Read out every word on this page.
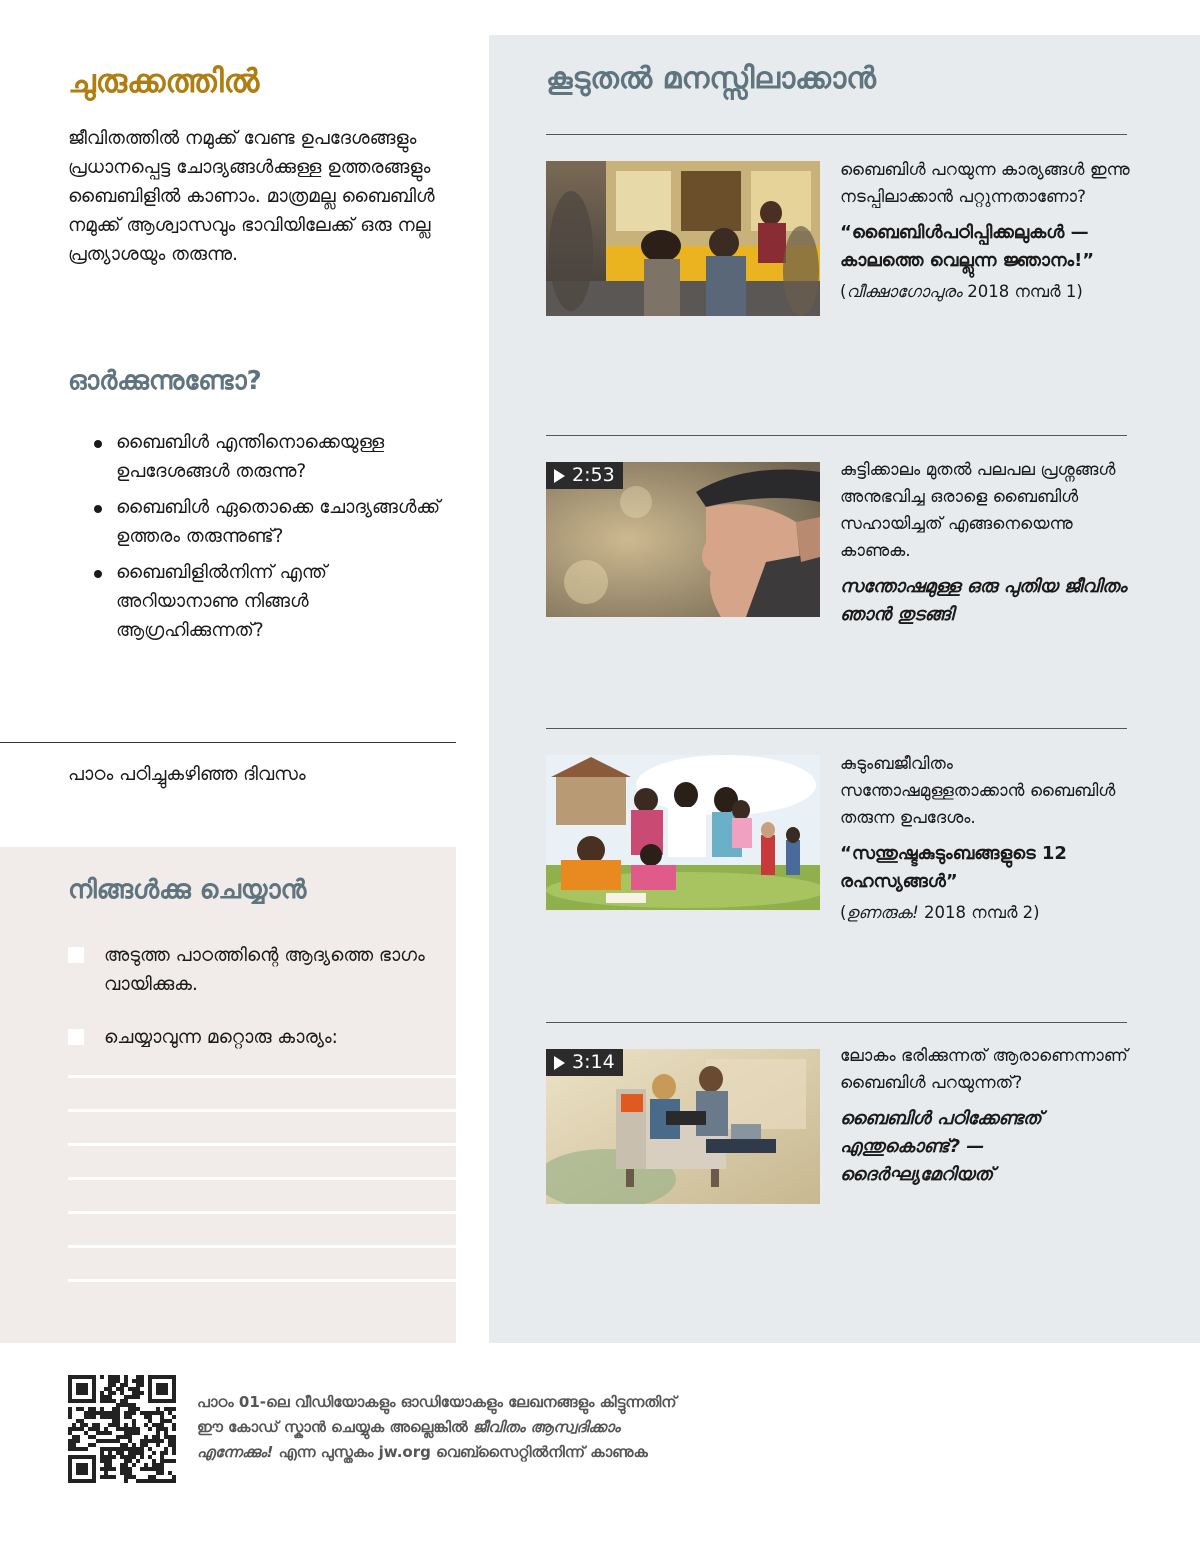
ചുരുക്കത്തിൽ

ജീവിതത്തിൽ നമുക്ക് വേണ്ട ഉപദേശങ്ങളും പ്രധാനപ്പെട്ട ചോദ്യങ്ങൾക്കുള്ള ഉത്തരങ്ങളും ബൈബിളിൽ കാണാം. മാത്രമല്ല ബൈബിൾ നമുക്ക് ആശ്വാസവും ഭാവിയിലേക്ക് ഒരു നല്ല പ്രത്യാശയും തരുന്നു.

ഓർക്കുന്നുണ്ടോ?
ബൈബിൾ എന്തിനൊക്കെയുള്ള ഉപദേശങ്ങൾ തരുന്നു?
ബൈബിൾ ഏതൊക്കെ ചോദ്യങ്ങൾക്ക് ഉത്തരം തരുന്നുണ്ട്?
ബൈബിളിൽനിന്ന് എന്ത് അറിയാനാണു നിങ്ങൾ ആഗ്രഹിക്കുന്നത്?
പാഠം പഠിച്ചുകഴിഞ്ഞ ദിവസം
നിങ്ങൾക്കു ചെയ്യാൻ
അടുത്ത പാഠത്തിന്റെ ആദ്യത്തെ ഭാഗം വായിക്കുക.
ചെയ്യാവുന്ന മറ്റൊരു കാര്യം:
കൂടുതൽ മനസ്സിലാക്കാൻ

ബൈബിൾ പറയുന്ന കാര്യങ്ങൾ ഇന്നു നടപ്പിലാക്കാൻ പറ്റുന്നതാണോ?

“ബൈബിൾപഠിപ്പിക്കലുകൾ —കാലത്തെ വെല്ലുന്ന ജ്ഞാനം!”

(വീക്ഷാഗോപുരം 2018 നമ്പർ 1)

2:53	കുട്ടിക്കാലം മുതൽ പലപല പ്രശ്നങ്ങൾ അനുഭവിച്ച ഒരാളെ ബൈബിൾ സഹായിച്ചത് എങ്ങനെയെന്നു കാണുക.

സന്തോഷമുള്ള ഒരു പുതിയ ജീവിതം ഞാൻ തുടങ്ങി

കുടുംബജീവിതം സന്തോഷമുള്ളതാക്കാൻ ബൈബിൾ തരുന്ന ഉപദേശം.

“സന്തുഷ്ടകുടുംബങ്ങളുടെ 12 രഹസ്യങ്ങൾ”

(ഉണരുക! 2018 നമ്പർ 2)

3:14	ലോകം ഭരിക്കുന്നത് ആരാണെന്നാണ് ബൈബിൾ പറയുന്നത്?

ബൈബിൾ പഠിക്കേണ്ടത് എന്തുകൊണ്ട്? —ദൈർഘ്യമേറിയത്

പാഠം 01-ലെ വീഡിയോകളും ഓഡിയോകളും ലേഖനങ്ങളും കിട്ടുന്നതിന് ഈ കോഡ് സ്കാൻ ചെയ്യുക അല്ലെങ്കിൽ ജീവിതം ആസ്വദിക്കാം എന്നേക്കും! എന്ന പുസ്തകം jw.org വെബ്സൈറ്റിൽനിന്ന് കാണുക
